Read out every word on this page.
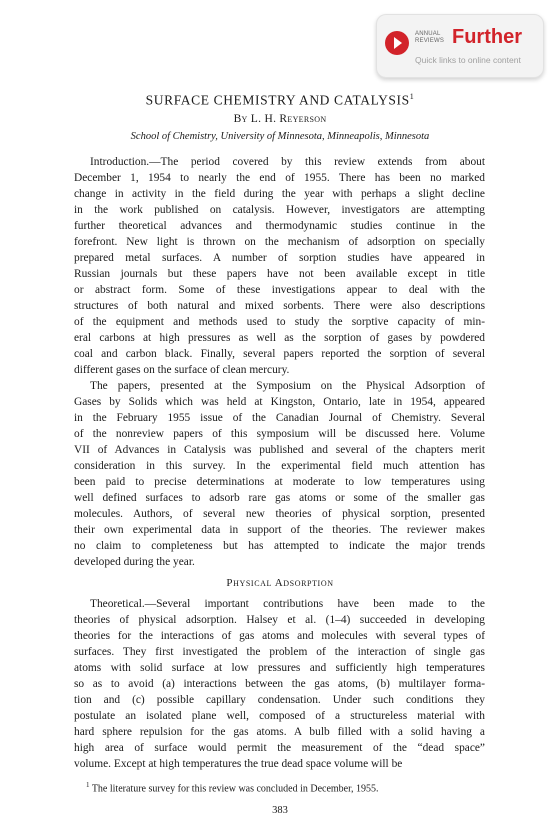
ANNUAL
REVIEWS Further
Quick links to online content
SURFACE CHEMISTRY AND CATALYSIS$^1$
By L. H. Reyerson
School of Chemistry, University of Minnesota, Minneapolis, Minnesota
Introduction.—The period covered by this review extends from about
December 1, 1954 to nearly the end of 1955. There has been no marked
change in activity in the field during the year with perhaps a slight decline
in the work published on catalysis. However, investigators are attempting
further theoretical advances and thermodynamic studies continue in the
forefront. New light is thrown on the mechanism of adsorption on specially
prepared metal surfaces. A number of sorption studies have appeared in
Russian journals but these papers have not been available except in title
or abstract form. Some of these investigations appear to deal with the
structures of both natural and mixed sorbents. There were also descriptions
of the equipment and methods used to study the sorptive capacity of min-
eral carbons at high pressures as well as the sorption of gases by powdered
coal and carbon black. Finally, several papers reported the sorption of several
different gases on the surface of clean mercury.
The papers, presented at the Symposium on the Physical Adsorption of
Gases by Solids which was held at Kingston, Ontario, late in 1954, appeared
in the February 1955 issue of the Canadian Journal of Chemistry. Several
of the nonreview papers of this symposium will be discussed here. Volume
VII of Advances in Catalysis was published and several of the chapters merit
consideration in this survey. In the experimental field much attention has
been paid to precise determinations at moderate to low temperatures using
well defined surfaces to adsorb rare gas atoms or some of the smaller gas
molecules. Authors, of several new theories of physical sorption, presented
their own experimental data in support of the theories. The reviewer makes
no claim to completeness but has attempted to indicate the major trends
developed during the year.
Physical Adsorption
Theoretical.—Several important contributions have been made to the
theories of physical adsorption. Halsey et al. (1–4) succeeded in developing
theories for the interactions of gas atoms and molecules with several types of
surfaces. They first investigated the problem of the interaction of single gas
atoms with solid surface at low pressures and sufficiently high temperatures
so as to avoid (a) interactions between the gas atoms, (b) multilayer forma-
tion and (c) possible capillary condensation. Under such conditions they
postulate an isolated plane well, composed of a structureless material with
hard sphere repulsion for the gas atoms. A bulb filled with a solid having a
high area of surface would permit the measurement of the “dead space”
volume. Except at high temperatures the true dead space volume will be
$^1$ The literature survey for this review was concluded in December, 1955.
383
